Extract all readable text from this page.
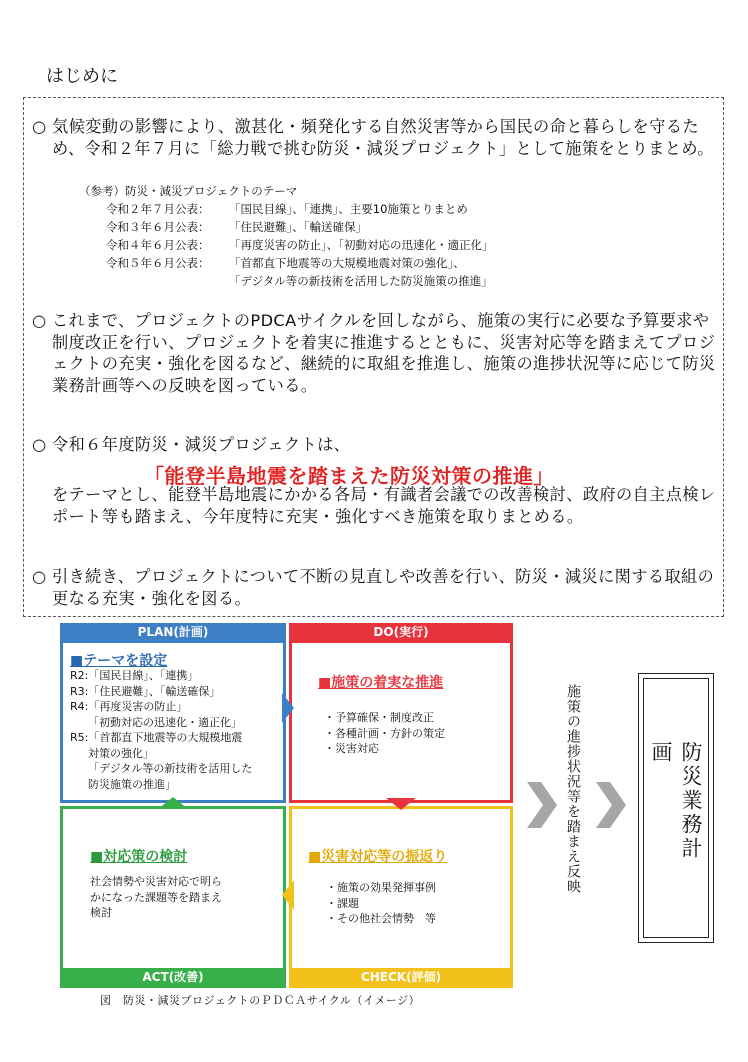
はじめに
○ 気候変動の影響により、激甚化・頻発化する自然災害等から国民の命と暮らしを守るため、令和２年７月に「総力戦で挑む防災・減災プロジェクト」として施策をとりまとめ。
（参考）防災・減災プロジェクトのテーマ
令和２年７月公表： 「国民目線」、「連携」、主要10施策とりまとめ
令和３年６月公表： 「住民避難」、「輸送確保」
令和４年６月公表： 「再度災害の防止」、「初動対応の迅速化・適正化」
令和５年６月公表： 「首都直下地震等の大規模地震対策の強化」、
「デジタル等の新技術を活用した防災施策の推進」
○ これまで、プロジェクトのPDCAサイクルを回しながら、施策の実行に必要な予算要求や制度改正を行い、プロジェクトを着実に推進するとともに、災害対応等を踏まえてプロジェクトの充実・強化を図るなど、継続的に取組を推進し、施策の進捗状況等に応じて防災業務計画等への反映を図っている。
○ 令和６年度防災・減災プロジェクトは、
をテーマとし、能登半島地震にかかる各局・有識者会議での改善検討、政府の自主点検レポート等も踏まえ、今年度特に充実・強化すべき施策を取りまとめる。
「能登半島地震を踏まえた防災対策の推進」
○ 引き続き、プロジェクトについて不断の見直しや改善を行い、防災・減災に関する取組の更なる充実・強化を図る。
PLAN(計画)	DO(実行)
ACT(改善)	CHECK(評価)
■テーマを設定
R2:「国民目線」、「連携」
R3:「住民避難」、「輸送確保」
R4:「再度災害の防止」
「初動対応の迅速化・適正化」
R5:「首都直下地震等の大規模地震
対策の強化」
「デジタル等の新技術を活用した
防災施策の推進」
■施策の着実な推進
・予算確保・制度改正
・各種計画・方針の策定
・災害対応
■対応策の検討
社会情勢や災害対応で明ら
かになった課題等を踏まえ
検討
■災害対応等の振返り
・施策の効果発揮事例
・課題
・その他社会情勢　等
施策の進捗状況等を踏まえ反映	防災業務計画
図　防災・減災プロジェクトのＰＤＣＡサイクル（イメージ）
